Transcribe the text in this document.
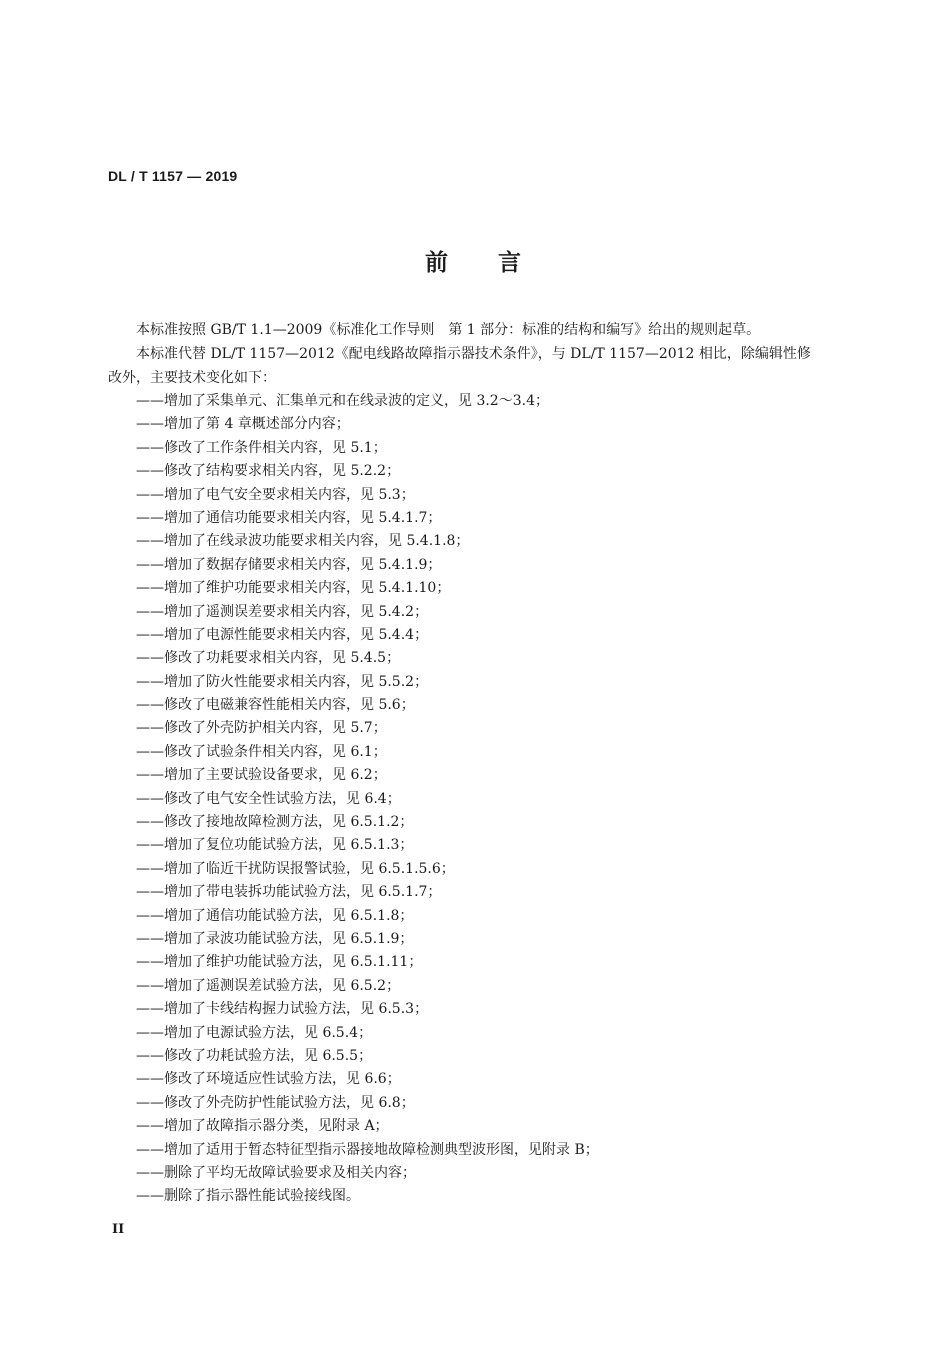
DL / T 1157 — 2019
前 言
本标准按照 GB/T 1.1—2009《标准化工作导则　第 1 部分：标准的结构和编写》给出的规则起草。
本标准代替 DL/T 1157—2012《配电线路故障指示器技术条件》，与 DL/T 1157—2012 相比，除编辑性修改外，主要技术变化如下：
——增加了采集单元、汇集单元和在线录波的定义，见 3.2～3.4；
——增加了第 4 章概述部分内容；
——修改了工作条件相关内容，见 5.1；
——修改了结构要求相关内容，见 5.2.2；
——增加了电气安全要求相关内容，见 5.3；
——增加了通信功能要求相关内容，见 5.4.1.7；
——增加了在线录波功能要求相关内容，见 5.4.1.8；
——增加了数据存储要求相关内容，见 5.4.1.9；
——增加了维护功能要求相关内容，见 5.4.1.10；
——增加了遥测误差要求相关内容，见 5.4.2；
——增加了电源性能要求相关内容，见 5.4.4；
——修改了功耗要求相关内容，见 5.4.5；
——增加了防火性能要求相关内容，见 5.5.2；
——修改了电磁兼容性能相关内容，见 5.6；
——修改了外壳防护相关内容，见 5.7；
——修改了试验条件相关内容，见 6.1；
——增加了主要试验设备要求，见 6.2；
——修改了电气安全性试验方法，见 6.4；
——修改了接地故障检测方法，见 6.5.1.2；
——增加了复位功能试验方法，见 6.5.1.3；
——增加了临近干扰防误报警试验，见 6.5.1.5.6；
——增加了带电装拆功能试验方法，见 6.5.1.7；
——增加了通信功能试验方法，见 6.5.1.8；
——增加了录波功能试验方法，见 6.5.1.9；
——增加了维护功能试验方法，见 6.5.1.11；
——增加了遥测误差试验方法，见 6.5.2；
——增加了卡线结构握力试验方法，见 6.5.3；
——增加了电源试验方法，见 6.5.4；
——修改了功耗试验方法，见 6.5.5；
——修改了环境适应性试验方法，见 6.6；
——修改了外壳防护性能试验方法，见 6.8；
——增加了故障指示器分类，见附录 A；
——增加了适用于暂态特征型指示器接地故障检测典型波形图，见附录 B；
——删除了平均无故障试验要求及相关内容；
——删除了指示器性能试验接线图。
II
